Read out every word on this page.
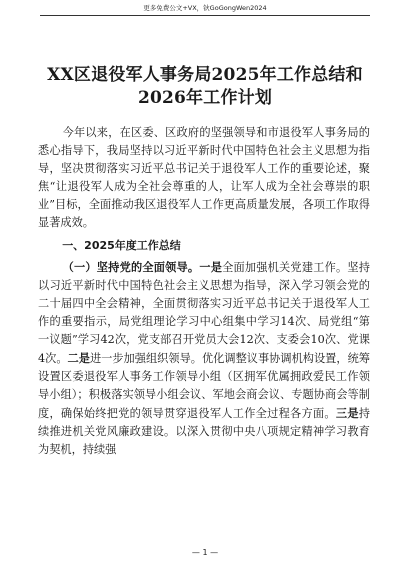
更多免费公文+VX，钬GoGongWen2024
XX区退役军人事务局2025年工作总结和
2026年工作计划

今年以来，在区委、区政府的坚强领导和市退役军人事务局的悉心指导下，我局坚持以习近平新时代中国特色社会主义思想为指导，坚决贯彻落实习近平总书记关于退役军人工作的重要论述，聚焦“让退役军人成为全社会尊重的人，让军人成为全社会尊崇的职业”目标，全面推动我区退役军人工作更高质量发展，各项工作取得显著成效。

一、2025年度工作总结

（一）坚持党的全面领导。一是全面加强机关党建工作。坚持以习近平新时代中国特色社会主义思想为指导，深入学习领会党的二十届四中全会精神，全面贯彻落实习近平总书记关于退役军人工作的重要指示，局党组理论学习中心组集中学习14次、局党组“第一议题”学习42次，党支部召开党员大会12次、支委会10次、党课4次。二是进一步加强组织领导。优化调整议事协调机构设置，统筹设置区委退役军人事务工作领导小组（区拥军优属拥政爱民工作领导小组）；积极落实领导小组会议、军地会商会议、专题协商会等制度，确保始终把党的领导贯穿退役军人工作全过程各方面。三是持续推进机关党风廉政建设。以深入贯彻中央八项规定精神学习教育为契机，持续强

— 1 —
